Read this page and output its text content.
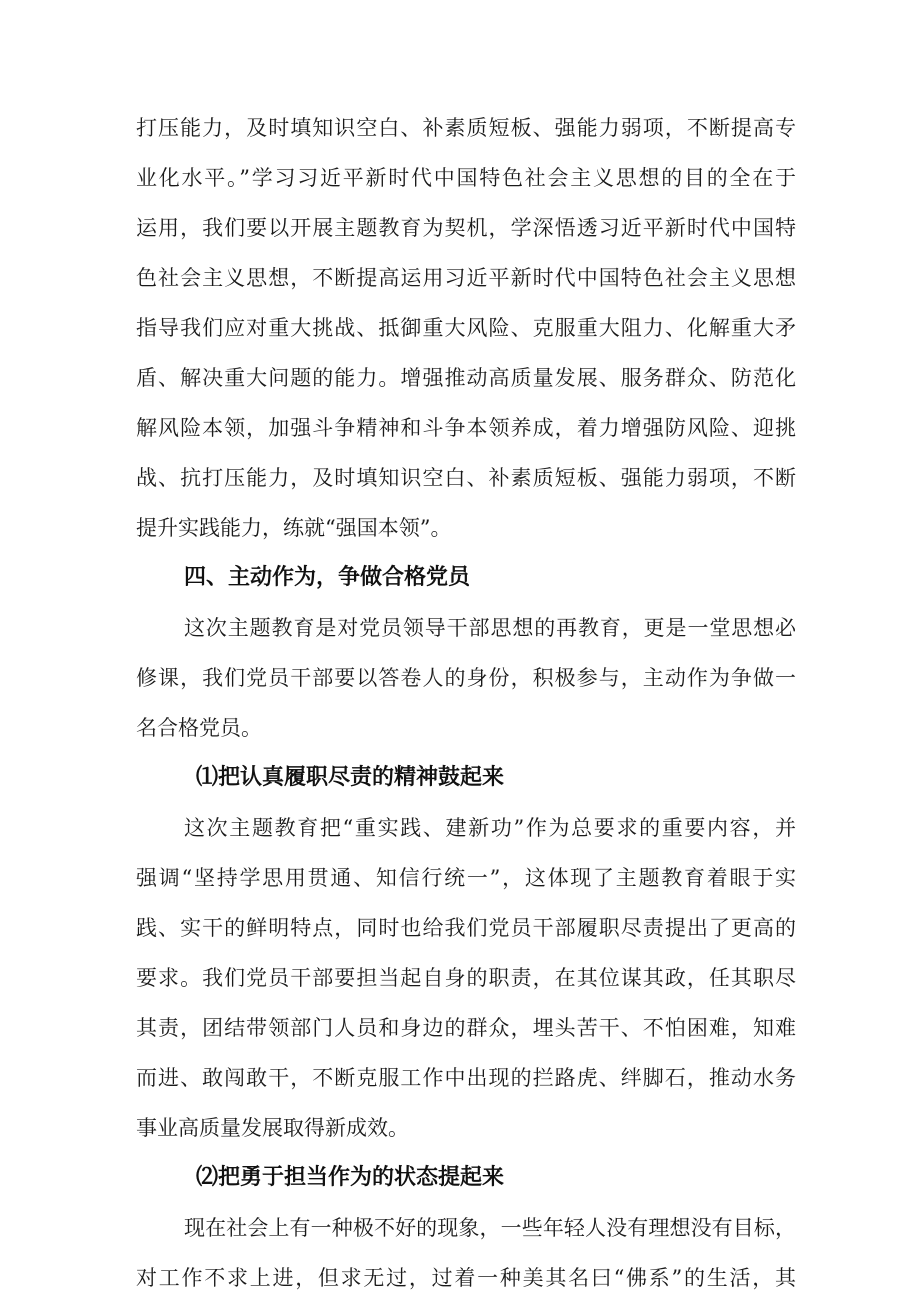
打压能力，及时填知识空白、补素质短板、强能力弱项，不断提高专
业化水平。”学习习近平新时代中国特色社会主义思想的目的全在于
运用，我们要以开展主题教育为契机，学深悟透习近平新时代中国特
色社会主义思想，不断提高运用习近平新时代中国特色社会主义思想
指导我们应对重大挑战、抵御重大风险、克服重大阻力、化解重大矛
盾、解决重大问题的能力。增强推动高质量发展、服务群众、防范化
解风险本领，加强斗争精神和斗争本领养成，着力增强防风险、迎挑
战、抗打压能力，及时填知识空白、补素质短板、强能力弱项，不断
提升实践能力，练就“强国本领”。
四、主动作为，争做合格党员
这次主题教育是对党员领导干部思想的再教育，更是一堂思想必
修课，我们党员干部要以答卷人的身份，积极参与，主动作为争做一
名合格党员。
⑴把认真履职尽责的精神鼓起来
这次主题教育把“重实践、建新功”作为总要求的重要内容，并
强调“坚持学思用贯通、知信行统一”，这体现了主题教育着眼于实
践、实干的鲜明特点，同时也给我们党员干部履职尽责提出了更高的
要求。我们党员干部要担当起自身的职责，在其位谋其政，任其职尽
其责，团结带领部门人员和身边的群众，埋头苦干、不怕困难，知难
而进、敢闯敢干，不断克服工作中出现的拦路虎、绊脚石，推动水务
事业高质量发展取得新成效。
⑵把勇于担当作为的状态提起来
现在社会上有一种极不好的现象，一些年轻人没有理想没有目标，
对工作不求上进，但求无过，过着一种美其名曰“佛系”的生活，其
